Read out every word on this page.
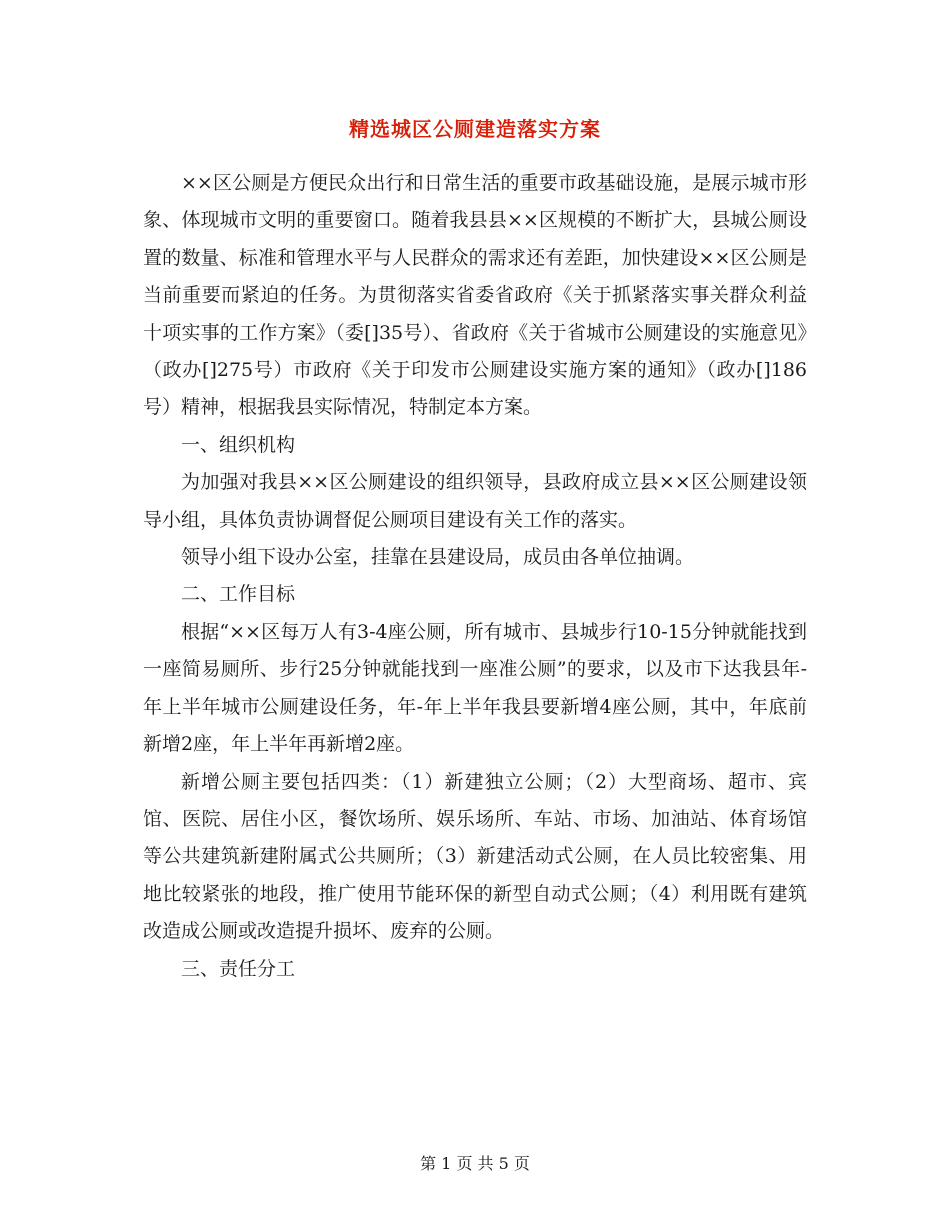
精选城区公厕建造落实方案

××区公厕是方便民众出行和日常生活的重要市政基础设施，是展示城市形象、体现城市文明的重要窗口。随着我县县××区规模的不断扩大，县城公厕设置的数量、标准和管理水平与人民群众的需求还有差距，加快建设××区公厕是当前重要而紧迫的任务。为贯彻落实省委省政府《关于抓紧落实事关群众利益十项实事的工作方案》（委[]35号）、省政府《关于省城市公厕建设的实施意见》（政办[]275号）市政府《关于印发市公厕建设实施方案的通知》（政办[]186号）精神，根据我县实际情况，特制定本方案。

一、组织机构

为加强对我县××区公厕建设的组织领导，县政府成立县××区公厕建设领导小组，具体负责协调督促公厕项目建设有关工作的落实。

领导小组下设办公室，挂靠在县建设局，成员由各单位抽调。

二、工作目标

根据“××区每万人有3-4座公厕，所有城市、县城步行10-15分钟就能找到一座简易厕所、步行25分钟就能找到一座准公厕”的要求，以及市下达我县年-年上半年城市公厕建设任务，年-年上半年我县要新增4座公厕，其中，年底前新增2座，年上半年再新增2座。

新增公厕主要包括四类：（1）新建独立公厕；（2）大型商场、超市、宾馆、医院、居住小区，餐饮场所、娱乐场所、车站、市场、加油站、体育场馆等公共建筑新建附属式公共厕所；（3）新建活动式公厕，在人员比较密集、用地比较紧张的地段，推广使用节能环保的新型自动式公厕；（4）利用既有建筑改造成公厕或改造提升损坏、废弃的公厕。

三、责任分工

第 1 页 共 5 页
